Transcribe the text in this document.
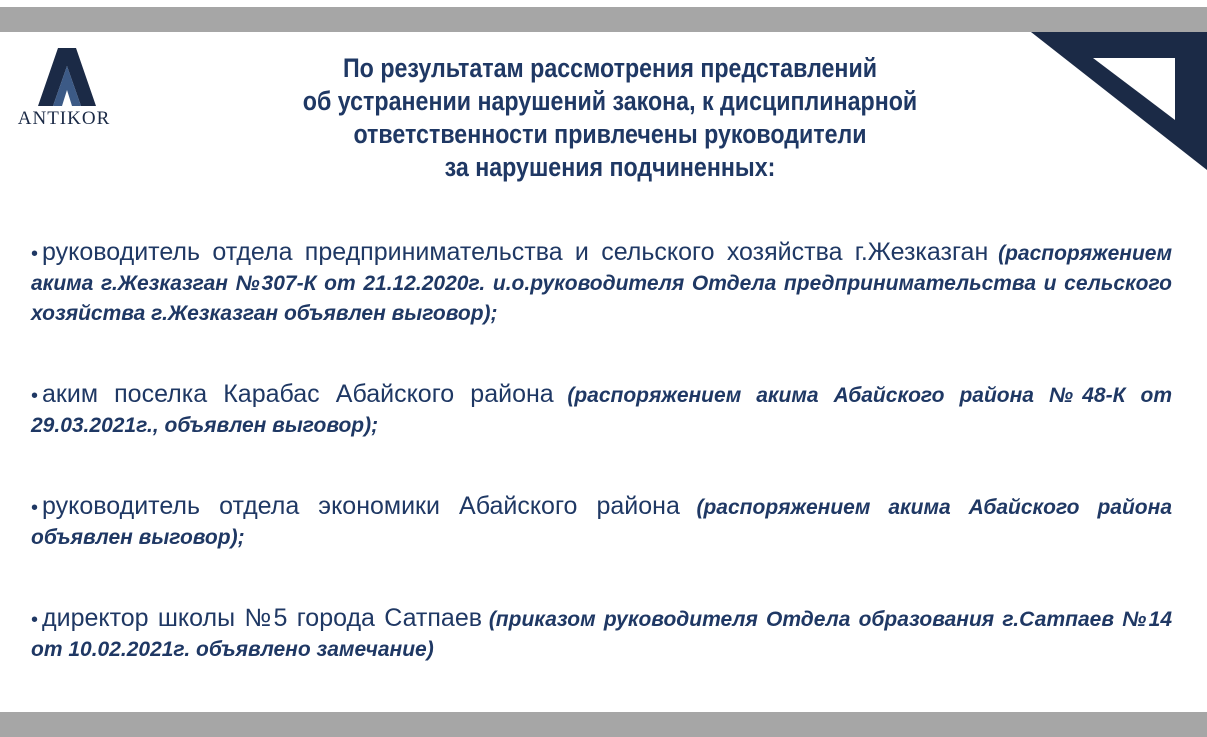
ANTIKOR
По результатам рассмотрения представлений
об устранении нарушений закона, к дисциплинарной
ответственности привлечены руководители
за нарушения подчиненных:
• руководитель отдела предпринимательства и сельского хозяйства г.Жезказган (распоряжением акима г.Жезказган №307-К от 21.12.2020г. и.о.руководителя Отдела предпринимательства и сельского хозяйства г.Жезказган объявлен выговор);
• аким поселка Карабас Абайского района (распоряжением акима Абайского района №48-К от 29.03.2021г., объявлен выговор);
• руководитель отдела экономики Абайского района (распоряжением акима Абайского района объявлен выговор);
• директор школы №5 города Сатпаев (приказом руководителя Отдела образования г.Сатпаев №14 от 10.02.2021г. объявлено замечание)
